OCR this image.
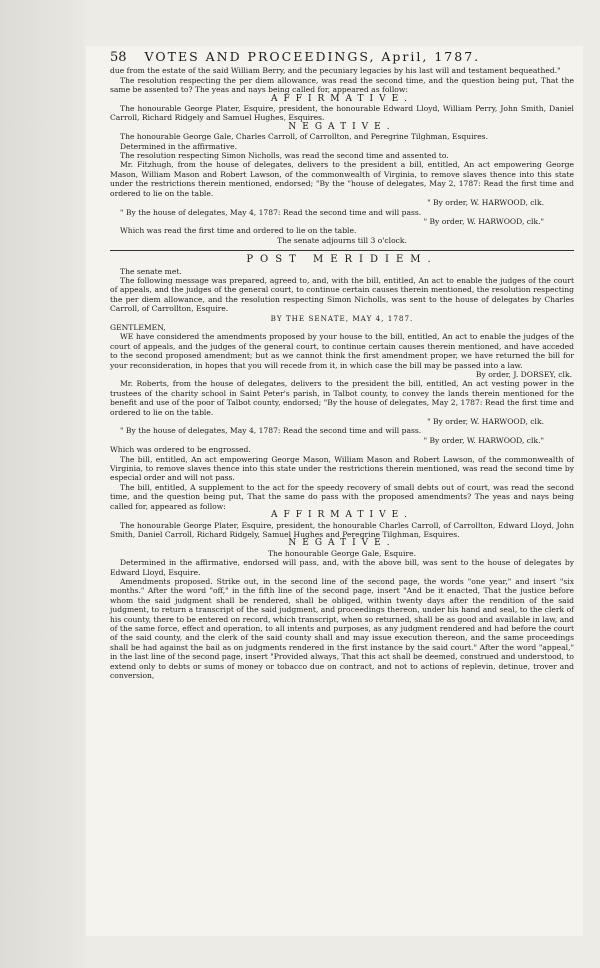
58 VOTES AND PROCEEDINGS, April, 1787.

due from the estate of the said William Berry, and the pecuniary legacies by his last will and testament bequeathed."

The resolution respecting the per diem allowance, was read the second time, and the question being put, That the same be assented to? The yeas and nays being called for, appeared as follow:

AFFIRMATIVE.

The honourable George Plater, Esquire, president, the honourable Edward Lloyd, William Perry, John Smith, Daniel Carroll, Richard Ridgely and Samuel Hughes, Esquires.

NEGATIVE.

The honourable George Gale, Charles Carroll, of Carrollton, and Peregrine Tilghman, Esquires.

Determined in the affirmative.

The resolution respecting Simon Nicholls, was read the second time and assented to.

Mr. Fitzhugh, from the house of delegates, delivers to the president a bill, entitled, An act empowering George Mason, William Mason and Robert Lawson, of the commonwealth of Virginia, to remove slaves thence into this state under the restrictions therein mentioned, endorsed; "By the "house of delegates, May 2, 1787: Read the first time and ordered to lie on the table.

" By order, W. HARWOOD, clk.

" By the house of delegates, May 4, 1787: Read the second time and will pass.

" By order, W. HARWOOD, clk."

Which was read the first time and ordered to lie on the table.

The senate adjourns till 3 o'clock.
POST MERIDIEM.

The senate met.

The following message was prepared, agreed to, and, with the bill, entitled, An act to enable the judges of the court of appeals, and the judges of the general court, to continue certain causes therein mentioned, the resolution respecting the per diem allowance, and the resolution respecting Simon Nicholls, was sent to the house of delegates by Charles Carroll, of Carrollton, Esquire.

BY THE SENATE, MAY 4, 1787.

GENTLEMEN,

WE have considered the amendments proposed by your house to the bill, entitled, An act to enable the judges of the court of appeals, and the judges of the general court, to continue certain causes therein mentioned, and have acceded to the second proposed amendment; but as we cannot think the first amendment proper, we have returned the bill for your reconsideration, in hopes that you will recede from it, in which case the bill may be passed into a law.

By order, J. DORSEY, clk.

Mr. Roberts, from the house of delegates, delivers to the president the bill, entitled, An act vesting power in the trustees of the charity school in Saint Peter's parish, in Talbot county, to convey the lands therein mentioned for the benefit and use of the poor of Talbot county, endorsed; "By the house of delegates, May 2, 1787: Read the first time and ordered to lie on the table.

" By order, W. HARWOOD, clk.

" By the house of delegates, May 4, 1787: Read the second time and will pass.

" By order, W. HARWOOD, clk."

Which was ordered to be engrossed.

The bill, entitled, An act empowering George Mason, William Mason and Robert Lawson, of the commonwealth of Virginia, to remove slaves thence into this state under the restrictions therein mentioned, was read the second time by especial order and will not pass.

The bill, entitled, A supplement to the act for the speedy recovery of small debts out of court, was read the second time, and the question being put, That the same do pass with the proposed amendments? The yeas and nays being called for, appeared as follow:

AFFIRMATIVE.

The honourable George Plater, Esquire, president, the honourable Charles Carroll, of Carrollton, Edward Lloyd, John Smith, Daniel Carroll, Richard Ridgely, Samuel Hughes and Peregrine Tilghman, Esquires.

NEGATIVE.
The honourable George Gale, Esquire.

Determined in the affirmative, endorsed will pass, and, with the above bill, was sent to the house of delegates by Edward Lloyd, Esquire.

Amendments proposed. Strike out, in the second line of the second page, the words "one year," and insert "six months." After the word "off," in the fifth line of the second page, insert "And be it enacted, That the justice before whom the said judgment shall be rendered, shall be obliged, within twenty days after the rendition of the said judgment, to return a transcript of the said judgment, and proceedings thereon, under his hand and seal, to the clerk of his county, there to be entered on record, which transcript, when so returned, shall be as good and available in law, and of the same force, effect and operation, to all intents and purposes, as any judgment rendered and had before the court of the said county, and the clerk of the said county shall and may issue execution thereon, and the same proceedings shall be had against the bail as on judgments rendered in the first instance by the said court." After the word "appeal," in the last line of the second page, insert "Provided always, That this act shall be deemed, construed and understood, to extend only to debts or sums of money or tobacco due on contract, and not to actions of replevin, detinue, trover and conversion,
